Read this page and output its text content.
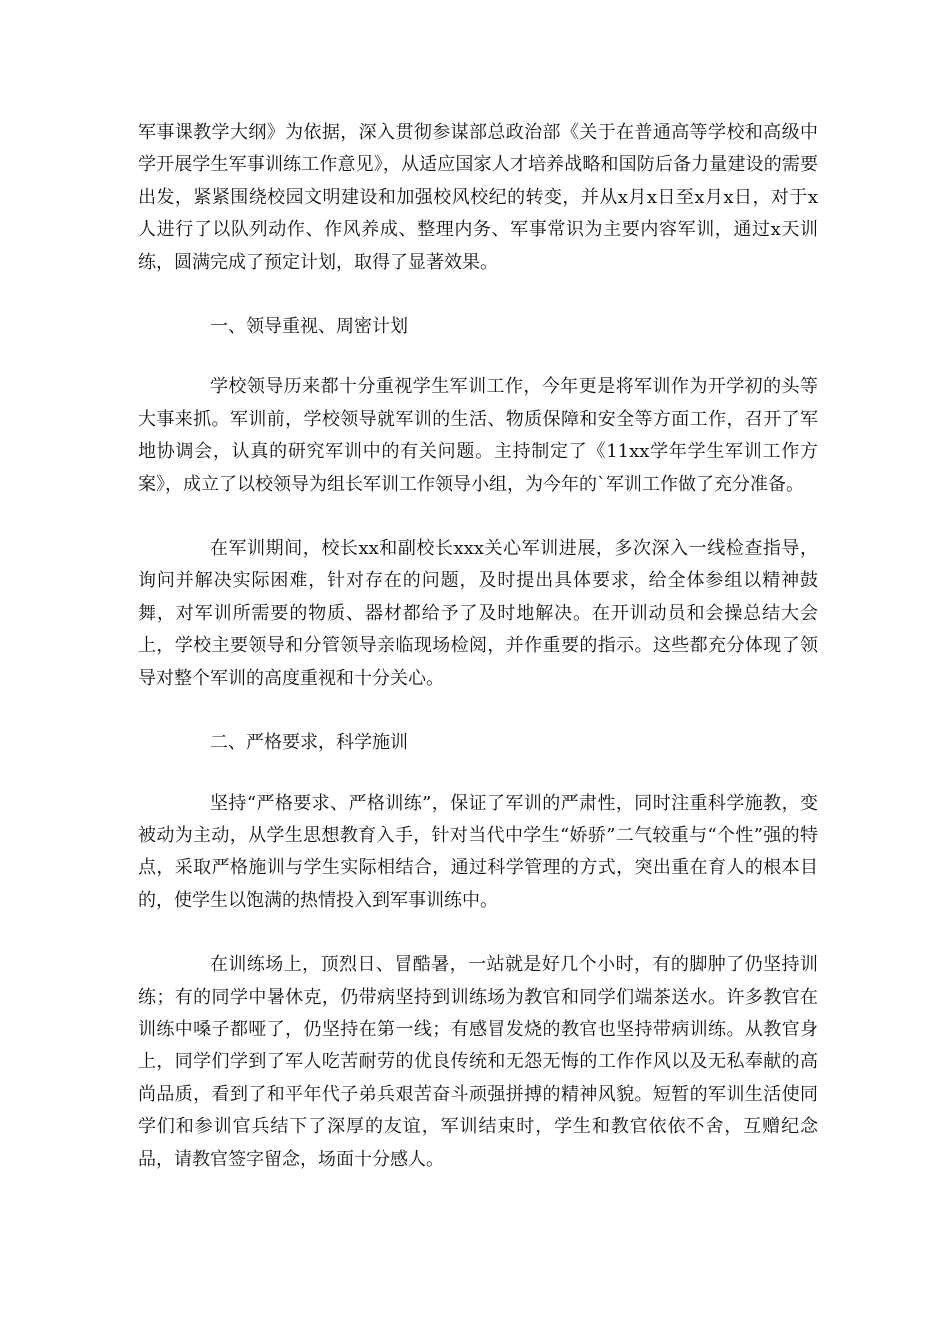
军事课教学大纲》为依据，深入贯彻参谋部总政治部《关于在普通高等学校和高级中学开展学生军事训练工作意见》，从适应国家人才培养战略和国防后备力量建设的需要出发，紧紧围绕校园文明建设和加强校风校纪的转变，并从x月x日至x月x日，对于x人进行了以队列动作、作风养成、整理内务、军事常识为主要内容军训，通过x天训练，圆满完成了预定计划，取得了显著效果。

一、领导重视、周密计划

学校领导历来都十分重视学生军训工作，今年更是将军训作为开学初的头等大事来抓。军训前，学校领导就军训的生活、物质保障和安全等方面工作，召开了军地协调会，认真的研究军训中的有关问题。主持制定了《11xx学年学生军训工作方案》，成立了以校领导为组长军训工作领导小组，为今年的`军训工作做了充分准备。

在军训期间，校长xx和副校长xxx关心军训进展，多次深入一线检查指导，询问并解决实际困难，针对存在的问题，及时提出具体要求，给全体参组以精神鼓舞，对军训所需要的物质、器材都给予了及时地解决。在开训动员和会操总结大会上，学校主要领导和分管领导亲临现场检阅，并作重要的指示。这些都充分体现了领导对整个军训的高度重视和十分关心。

二、严格要求，科学施训

坚持“严格要求、严格训练”，保证了军训的严肃性，同时注重科学施教，变被动为主动，从学生思想教育入手，针对当代中学生“娇骄”二气较重与“个性”强的特点，采取严格施训与学生实际相结合，通过科学管理的方式，突出重在育人的根本目的，使学生以饱满的热情投入到军事训练中。

在训练场上，顶烈日、冒酷暑，一站就是好几个小时，有的脚肿了仍坚持训练；有的同学中暑休克，仍带病坚持到训练场为教官和同学们端茶送水。许多教官在训练中嗓子都哑了，仍坚持在第一线；有感冒发烧的教官也坚持带病训练。从教官身上，同学们学到了军人吃苦耐劳的优良传统和无怨无悔的工作作风以及无私奉献的高尚品质，看到了和平年代子弟兵艰苦奋斗顽强拼搏的精神风貌。短暂的军训生活使同学们和参训官兵结下了深厚的友谊，军训结束时，学生和教官依依不舍，互赠纪念品，请教官签字留念，场面十分感人。
